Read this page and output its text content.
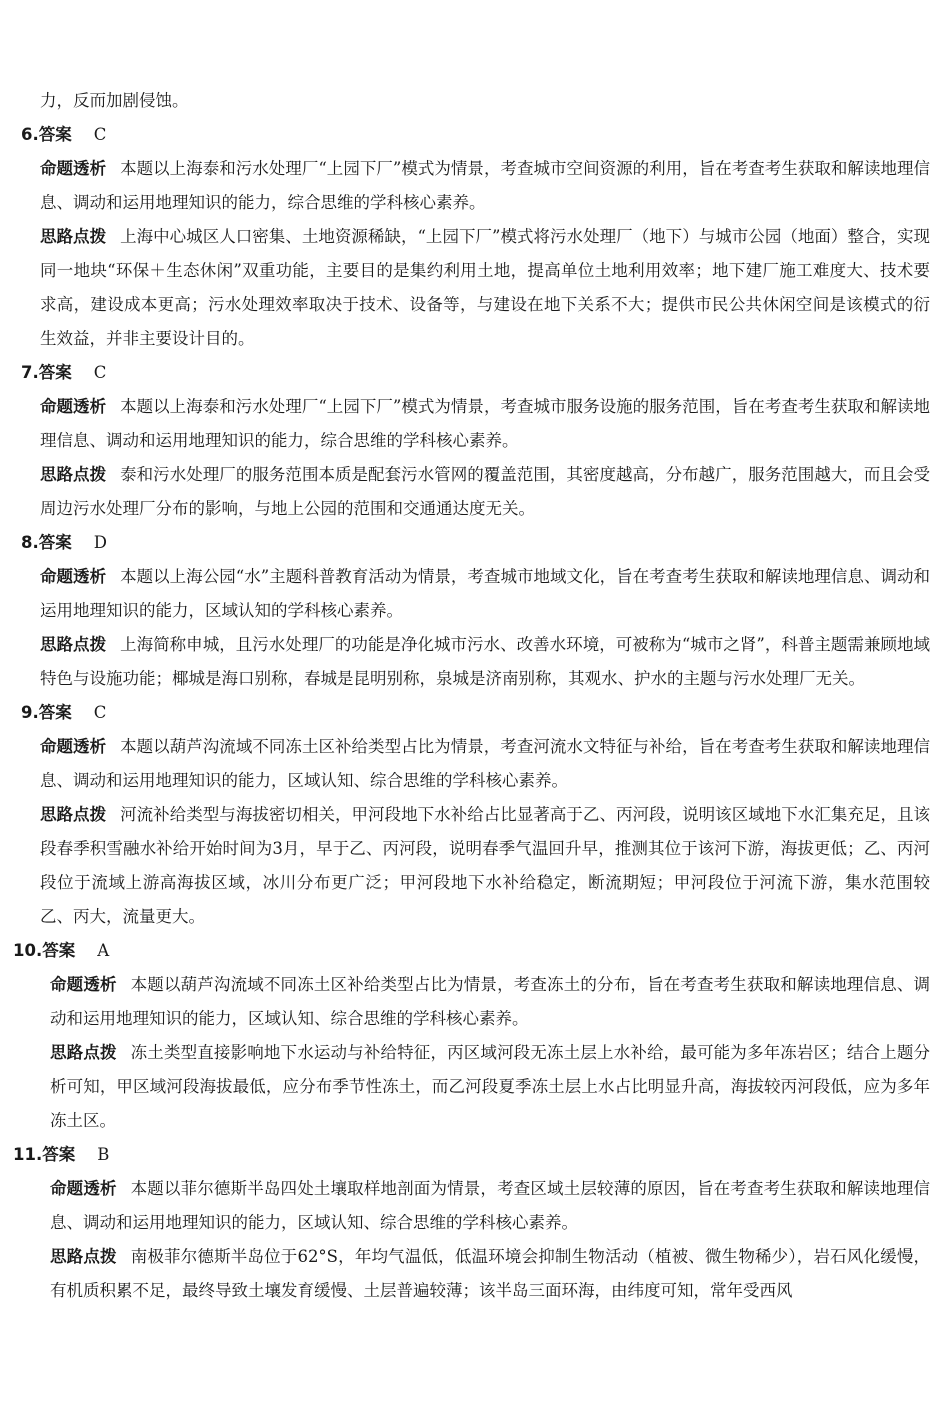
力，反而加剧侵蚀。
6.答案 C
命题透析 本题以上海泰和污水处理厂“上园下厂”模式为情景，考查城市空间资源的利用，旨在考查考生获取和解读地理信息、调动和运用地理知识的能力，综合思维的学科核心素养。
思路点拨 上海中心城区人口密集、土地资源稀缺，“上园下厂”模式将污水处理厂（地下）与城市公园（地面）整合，实现同一地块“环保＋生态休闲”双重功能，主要目的是集约利用土地，提高单位土地利用效率；地下建厂施工难度大、技术要求高，建设成本更高；污水处理效率取决于技术、设备等，与建设在地下关系不大；提供市民公共休闲空间是该模式的衍生效益，并非主要设计目的。
7.答案 C
命题透析 本题以上海泰和污水处理厂“上园下厂”模式为情景，考查城市服务设施的服务范围，旨在考查考生获取和解读地理信息、调动和运用地理知识的能力，综合思维的学科核心素养。
思路点拨 泰和污水处理厂的服务范围本质是配套污水管网的覆盖范围，其密度越高，分布越广，服务范围越大，而且会受周边污水处理厂分布的影响，与地上公园的范围和交通通达度无关。
8.答案 D
命题透析 本题以上海公园“水”主题科普教育活动为情景，考查城市地域文化，旨在考查考生获取和解读地理信息、调动和运用地理知识的能力，区域认知的学科核心素养。
思路点拨 上海简称申城，且污水处理厂的功能是净化城市污水、改善水环境，可被称为“城市之肾”，科普主题需兼顾地域特色与设施功能；椰城是海口别称，春城是昆明别称，泉城是济南别称，其观水、护水的主题与污水处理厂无关。
9.答案 C
命题透析 本题以葫芦沟流域不同冻土区补给类型占比为情景，考查河流水文特征与补给，旨在考查考生获取和解读地理信息、调动和运用地理知识的能力，区域认知、综合思维的学科核心素养。
思路点拨 河流补给类型与海拔密切相关，甲河段地下水补给占比显著高于乙、丙河段，说明该区域地下水汇集充足，且该段春季积雪融水补给开始时间为3月，早于乙、丙河段，说明春季气温回升早，推测其位于该河下游，海拔更低；乙、丙河段位于流域上游高海拔区域，冰川分布更广泛；甲河段地下水补给稳定，断流期短；甲河段位于河流下游，集水范围较乙、丙大，流量更大。
10.答案 A
命题透析 本题以葫芦沟流域不同冻土区补给类型占比为情景，考查冻土的分布，旨在考查考生获取和解读地理信息、调动和运用地理知识的能力，区域认知、综合思维的学科核心素养。
思路点拨 冻土类型直接影响地下水运动与补给特征，丙区域河段无冻土层上水补给，最可能为多年冻岩区；结合上题分析可知，甲区域河段海拔最低，应分布季节性冻土，而乙河段夏季冻土层上水占比明显升高，海拔较丙河段低，应为多年冻土区。
11.答案 B
命题透析 本题以菲尔德斯半岛四处土壤取样地剖面为情景，考查区域土层较薄的原因，旨在考查考生获取和解读地理信息、调动和运用地理知识的能力，区域认知、综合思维的学科核心素养。
思路点拨 南极菲尔德斯半岛位于62°S，年均气温低，低温环境会抑制生物活动（植被、微生物稀少），岩石风化缓慢，有机质积累不足，最终导致土壤发育缓慢、土层普遍较薄；该半岛三面环海，由纬度可知，常年受西风
